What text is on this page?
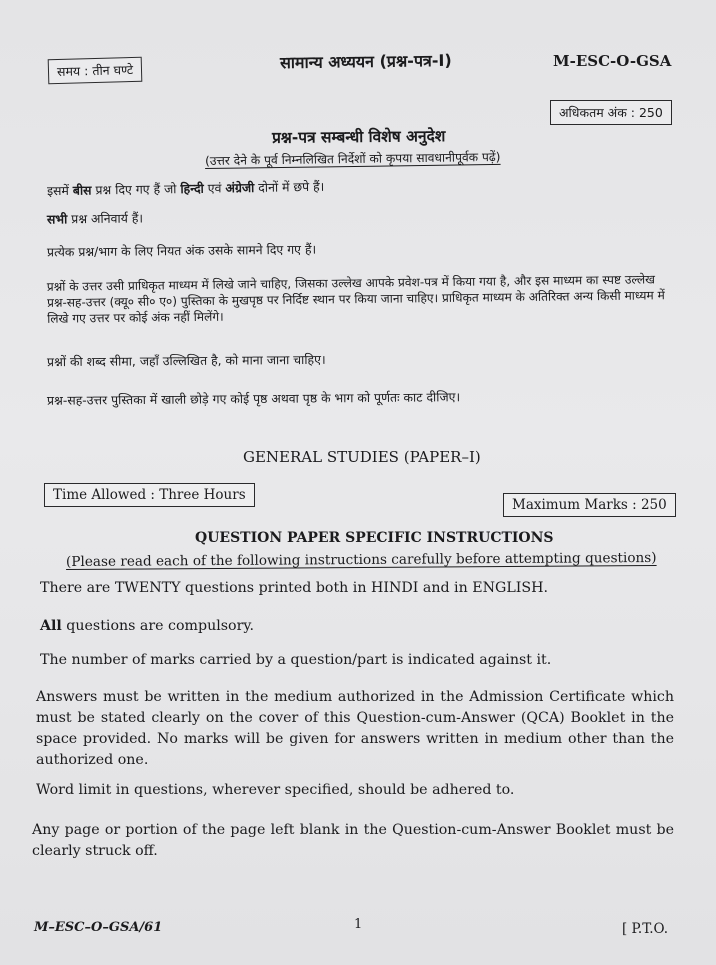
समय : तीन घण्टे	सामान्य अध्ययन (प्रश्न-पत्र-I)	M-ESC-O-GSA
अधिकतम अंक : 250
प्रश्न-पत्र सम्बन्धी विशेष अनुदेश
(उत्तर देने के पूर्व निम्नलिखित निर्देशों को कृपया सावधानीपूर्वक पढ़ें)
इसमें बीस प्रश्न दिए गए हैं जो हिन्दी एवं अंग्रेजी दोनों में छपे हैं।
सभी प्रश्न अनिवार्य हैं।
प्रत्येक प्रश्न/भाग के लिए नियत अंक उसके सामने दिए गए हैं।
प्रश्नों के उत्तर उसी प्राधिकृत माध्यम में लिखे जाने चाहिए, जिसका उल्लेख आपके प्रवेश-पत्र में किया गया है, और इस माध्यम का स्पष्ट उल्लेख प्रश्न-सह-उत्तर (क्यू० सी० ए०) पुस्तिका के मुखपृष्ठ पर निर्दिष्ट स्थान पर किया जाना चाहिए। प्राधिकृत माध्यम के अतिरिक्त अन्य किसी माध्यम में लिखे गए उत्तर पर कोई अंक नहीं मिलेंगे।
प्रश्नों की शब्द सीमा, जहाँ उल्लिखित है, को माना जाना चाहिए।
प्रश्न-सह-उत्तर पुस्तिका में खाली छोड़े गए कोई पृष्ठ अथवा पृष्ठ के भाग को पूर्णतः काट दीजिए।
GENERAL STUDIES (PAPER–I)
Time Allowed : Three Hours
Maximum Marks : 250
QUESTION PAPER SPECIFIC INSTRUCTIONS
(Please read each of the following instructions carefully before attempting questions)
There are TWENTY questions printed both in HINDI and in ENGLISH.
All questions are compulsory.
The number of marks carried by a question/part is indicated against it.
Answers must be written in the medium authorized in the Admission Certificate which must be stated clearly on the cover of this Question-cum-Answer (QCA) Booklet in the space provided. No marks will be given for answers written in medium other than the authorized one.
Word limit in questions, wherever specified, should be adhered to.
Any page or portion of the page left blank in the Question-cum-Answer Booklet must be clearly struck off.
M–ESC–O–GSA/61	1	[ P.T.O.
